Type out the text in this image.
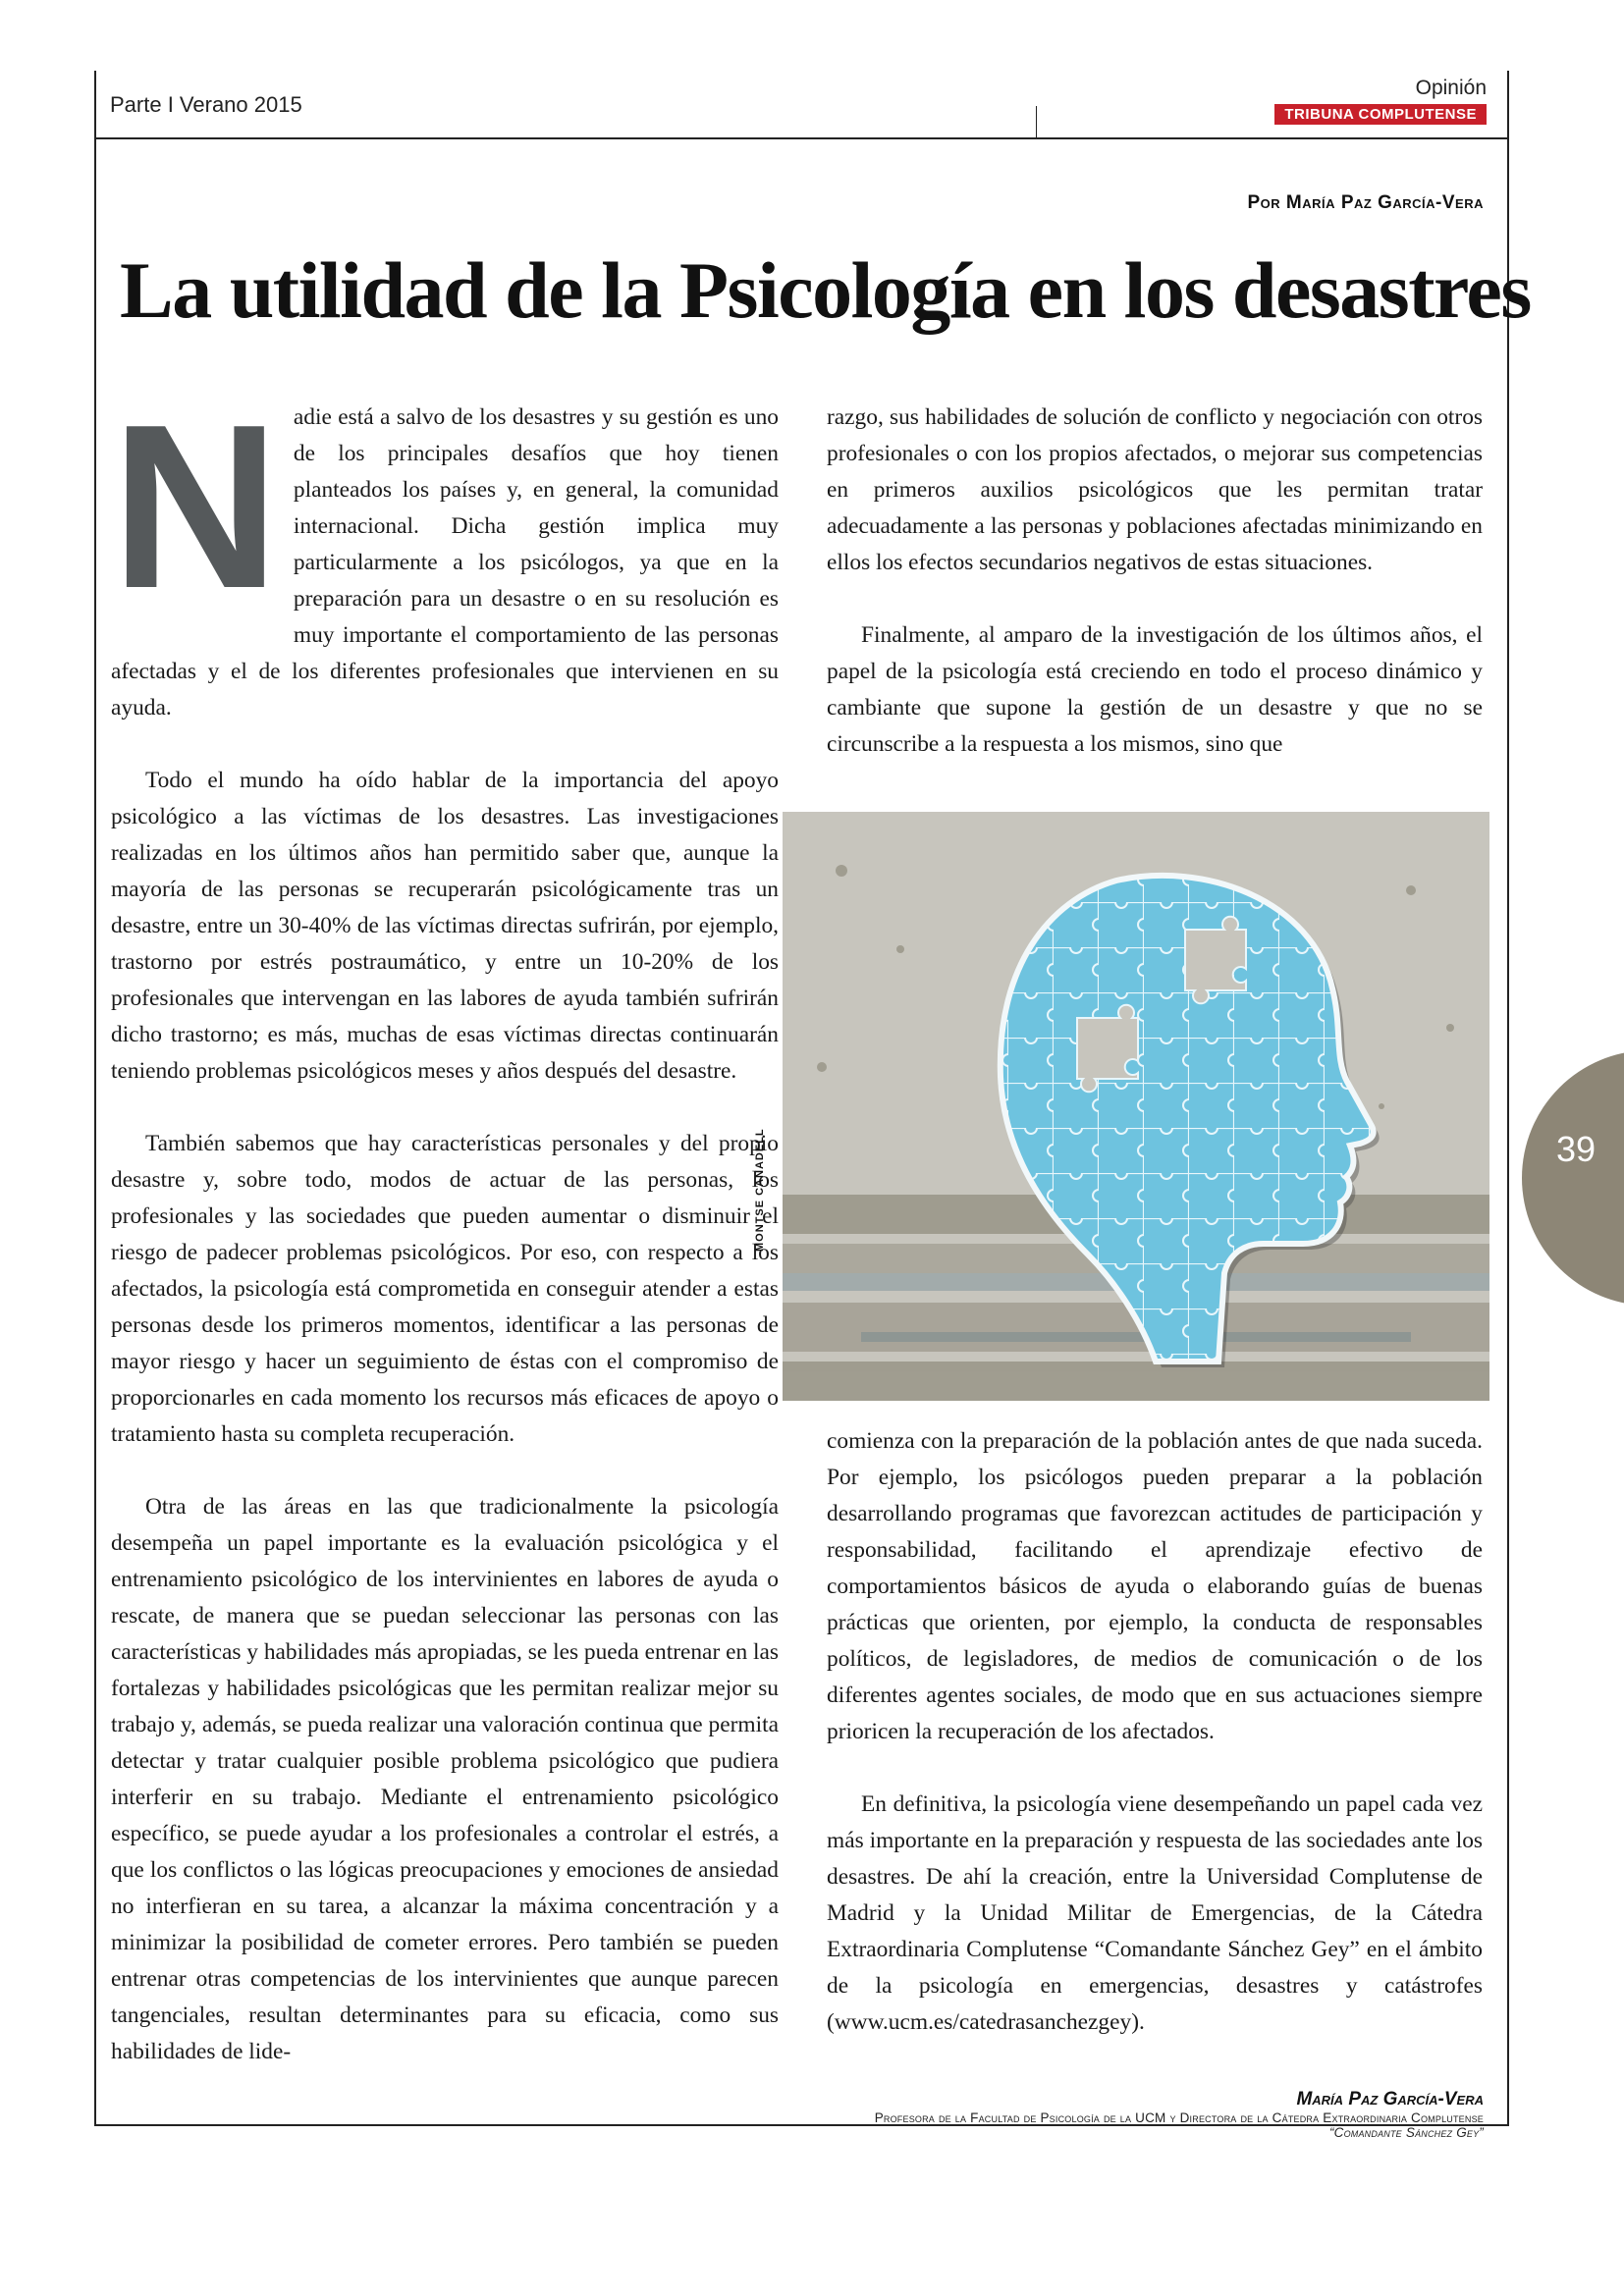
Parte I Verano 2015
Opinión
TRIBUNA COMPLUTENSE
Por María Paz García-Vera
La utilidad de la Psicología en los desastres

Nadie está a salvo de los desastres y su gestión es uno de los principales desafíos que hoy tienen planteados los países y, en general, la comunidad internacional. Dicha gestión implica muy particularmente a los psicólogos, ya que en la preparación para un desastre o en su resolución es muy importante el comportamiento de las personas afectadas y el de los diferentes profesionales que intervienen en su ayuda.

Todo el mundo ha oído hablar de la importancia del apoyo psicológico a las víctimas de los desastres. Las investigaciones realizadas en los últimos años han permitido saber que, aunque la mayoría de las personas se recuperarán psicológicamente tras un desastre, entre un 30-40% de las víctimas directas sufrirán, por ejemplo, trastorno por estrés postraumático, y entre un 10-20% de los profesionales que intervengan en las labores de ayuda también sufrirán dicho trastorno; es más, muchas de esas víctimas directas continuarán teniendo problemas psicológicos meses y años después del desastre.

También sabemos que hay características personales y del propio desastre y, sobre todo, modos de actuar de las personas, los profesionales y las sociedades que pueden aumentar o disminuir el riesgo de padecer problemas psicológicos. Por eso, con respecto a los afectados, la psicología está comprometida en conseguir atender a estas personas desde los primeros momentos, identificar a las personas de mayor riesgo y hacer un seguimiento de éstas con el compromiso de proporcionarles en cada momento los recursos más eficaces de apoyo o tratamiento hasta su completa recuperación.

Otra de las áreas en las que tradicionalmente la psicología desempeña un papel importante es la evaluación psicológica y el entrenamiento psicológico de los intervinientes en labores de ayuda o rescate, de manera que se puedan seleccionar las personas con las características y habilidades más apropiadas, se les pueda entrenar en las fortalezas y habilidades psicológicas que les permitan realizar mejor su trabajo y, además, se pueda realizar una valoración continua que permita detectar y tratar cualquier posible problema psicológico que pudiera interferir en su trabajo. Mediante el entrenamiento psicológico específico, se puede ayudar a los profesionales a controlar el estrés, a que los conflictos o las lógicas preocupaciones y emociones de ansiedad no interfieran en su tarea, a alcanzar la máxima concentración y a minimizar la posibilidad de cometer errores. Pero también se pueden entrenar otras competencias de los intervinientes que aunque parecen tangenciales, resultan determinantes para su eficacia, como sus habilidades de lide-

razgo, sus habilidades de solución de conflicto y negociación con otros profesionales o con los propios afectados, o mejorar sus competencias en primeros auxilios psicológicos que les permitan tratar adecuadamente a las personas y poblaciones afectadas minimizando en ellos los efectos secundarios negativos de estas situaciones.

Finalmente, al amparo de la investigación de los últimos años, el papel de la psicología está creciendo en todo el proceso dinámico y cambiante que supone la gestión de un desastre y que no se circunscribe a la respuesta a los mismos, sino que

MONTSE CANADELL

comienza con la preparación de la población antes de que nada suceda. Por ejemplo, los psicólogos pueden preparar a la población desarrollando programas que favorezcan actitudes de participación y responsabilidad, facilitando el aprendizaje efectivo de comportamientos básicos de ayuda o elaborando guías de buenas prácticas que orienten, por ejemplo, la conducta de responsables políticos, de legisladores, de medios de comunicación o de los diferentes agentes sociales, de modo que en sus actuaciones siempre prioricen la recuperación de los afectados.

En definitiva, la psicología viene desempeñando un papel cada vez más importante en la preparación y respuesta de las sociedades ante los desastres. De ahí la creación, entre la Universidad Complutense de Madrid y la Unidad Militar de Emergencias, de la Cátedra Extraordinaria Complutense “Comandante Sánchez Gey” en el ámbito de la psicología en emergencias, desastres y catástrofes (www.ucm.es/catedrasanchezgey).

39
María Paz García-Vera
Profesora de la Facultad de Psicología de la UCM y Directora de la Cátedra Extraordinaria Complutense
“Comandante Sánchez Gey”
